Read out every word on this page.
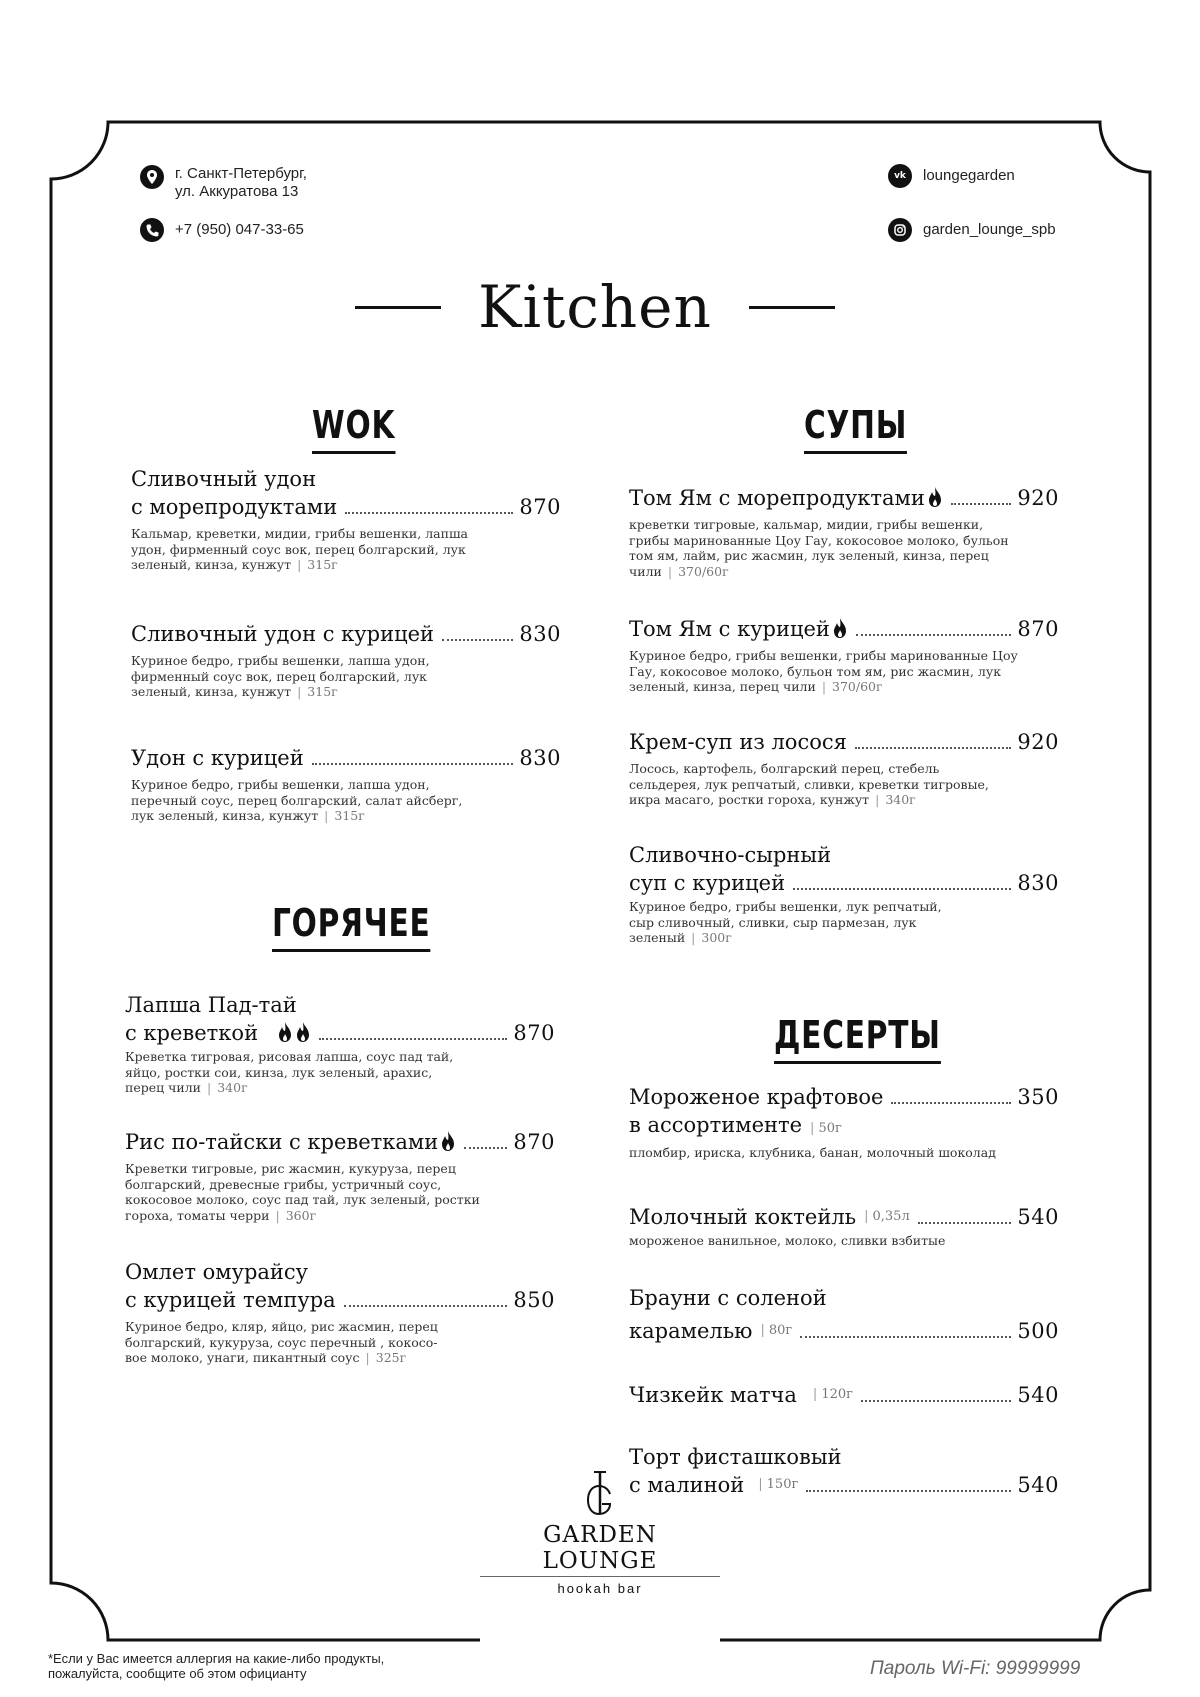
г. Санкт-Петербург,
ул. Аккуратова 13
+7 (950) 047-33-65
vk	loungegarden
garden_lounge_spb
Kitchen
WOK	СУПЫ
ГОРЯЧЕЕ
ДЕСЕРТЫ
Сливочный удон
с морепродуктами	870
Кальмар, креветки, мидии, грибы вешенки, лапша удон, фирменный соус вок, перец болгарский, лук зеленый, кинза, кунжут | 315г
Сливочный удон с курицей	830
Куриное бедро, грибы вешенки, лапша удон, фирменный соус вок, перец болгарский, лук зеленый, кинза, кунжут | 315г
Удон с курицей	830
Куриное бедро, грибы вешенки, лапша удон, перечный соус, перец болгарский, салат айсберг, лук зеленый, кинза, кунжут | 315г
Лапша Пад-тай
с креветкой	870
Креветка тигровая, рисовая лапша, соус пад тай, яйцо, ростки сои, кинза, лук зеленый, арахис, перец чили | 340г
Рис по-тайски с креветками	870
Креветки тигровые, рис жасмин, кукуруза, перец болгарский, древесные грибы, устричный соус, кокосовое молоко, соус пад тай, лук зеленый, ростки гороха, томаты черри | 360г
Омлет омурайсу
с курицей темпура	850
Куриное бедро, кляр, яйцо, рис жасмин, перец болгарский, кукуруза, соус перечный , кокосо-вое молоко, унаги, пикантный соус | 325г
Том Ям с морепродуктами	920
креветки тигровые, кальмар, мидии, грибы вешенки, грибы маринованные Цоу Гау, кокосовое молоко, бульон том ям, лайм, рис жасмин, лук зеленый, кинза, перец чили | 370/60г
Том Ям с курицей	870
Куриное бедро, грибы вешенки, грибы маринованные Цоу Гау, кокосовое молоко, бульон том ям, рис жасмин, лук зеленый, кинза, перец чили | 370/60г
Крем-суп из лосося	920
Лосось, картофель, болгарский перец, стебель сельдерея, лук репчатый, сливки, креветки тигровые, икра масаго, ростки гороха, кунжут | 340г
Сливочно-сырный
суп с курицей	830
Куриное бедро, грибы вешенки, лук репчатый, сыр сливочный, сливки, сыр пармезан, лук зеленый | 300г
Мороженое крафтовое	350
в ассортименте | 50г
пломбир, ириска, клубника, банан, молочный шоколад
Молочный коктейль | 0,35л	540
мороженое ванильное, молоко, сливки взбитые
Брауни с соленой
карамелью | 80г	500
Чизкейк матча | 120г	540
Торт фисташковый
с малиной | 150г	540
GARDEN LOUNGE
hookah bar
*Если у Вас имеется аллергия на какие-либо продукты,
пожалуйста, сообщите об этом официанту	Пароль Wi-Fi: 99999999
